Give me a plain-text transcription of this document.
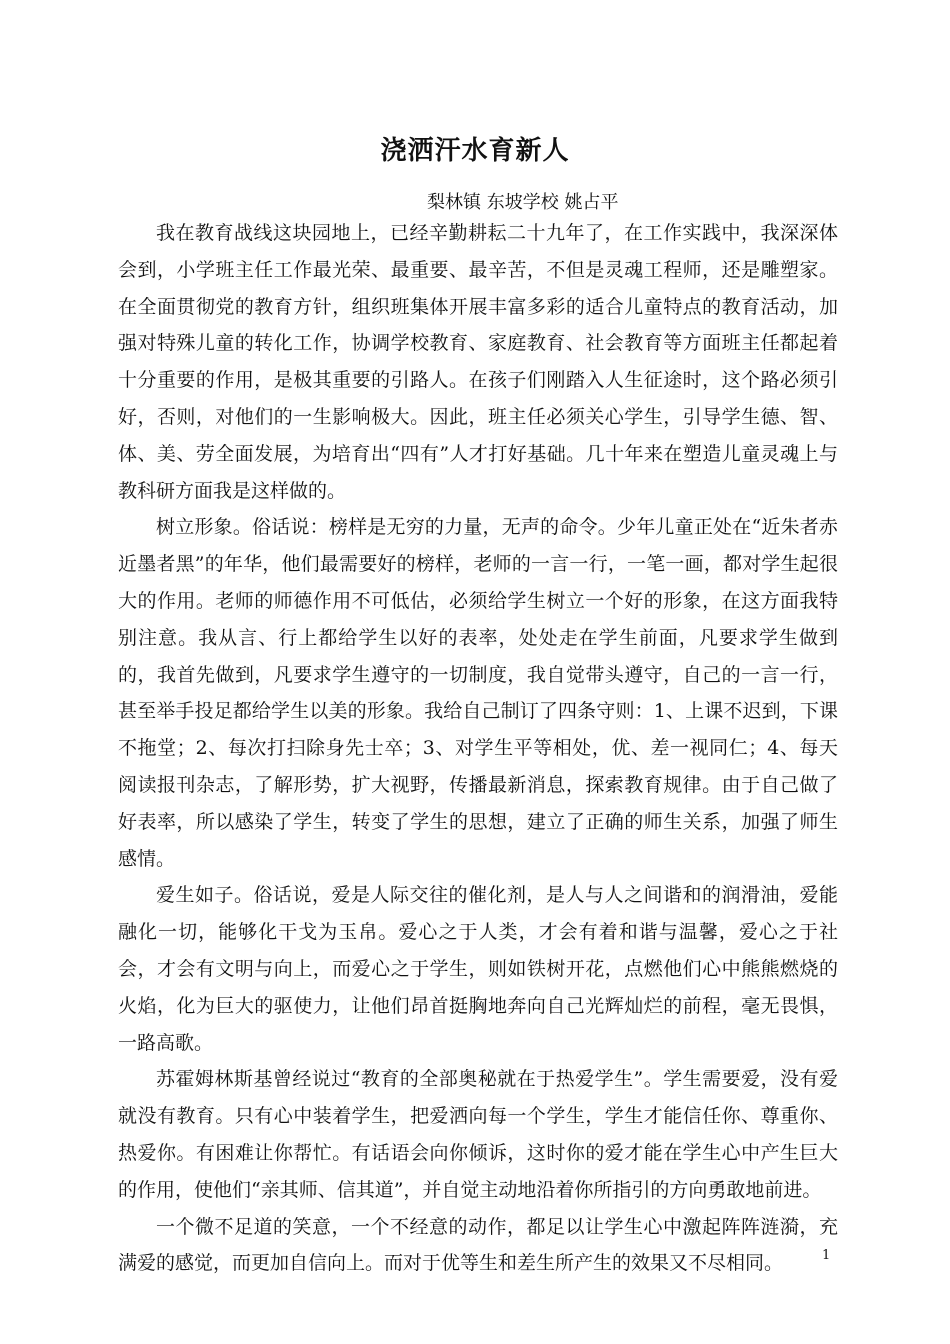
浇洒汗水育新人
梨林镇 东坡学校 姚占平

我在教育战线这块园地上，已经辛勤耕耘二十九年了，在工作实践中，我深深体会到，小学班主任工作最光荣、最重要、最辛苦，不但是灵魂工程师，还是雕塑家。在全面贯彻党的教育方针，组织班集体开展丰富多彩的适合儿童特点的教育活动，加强对特殊儿童的转化工作，协调学校教育、家庭教育、社会教育等方面班主任都起着十分重要的作用，是极其重要的引路人。在孩子们刚踏入人生征途时，这个路必须引好，否则，对他们的一生影响极大。因此，班主任必须关心学生，引导学生德、智、体、美、劳全面发展，为培育出“四有”人才打好基础。几十年来在塑造儿童灵魂上与教科研方面我是这样做的。

树立形象。俗话说：榜样是无穷的力量，无声的命令。少年儿童正处在“近朱者赤近墨者黑”的年华，他们最需要好的榜样，老师的一言一行，一笔一画，都对学生起很大的作用。老师的师德作用不可低估，必须给学生树立一个好的形象，在这方面我特别注意。我从言、行上都给学生以好的表率，处处走在学生前面，凡要求学生做到的，我首先做到，凡要求学生遵守的一切制度，我自觉带头遵守，自己的一言一行，甚至举手投足都给学生以美的形象。我给自己制订了四条守则：1、上课不迟到，下课不拖堂；2、每次打扫除身先士卒；3、对学生平等相处，优、差一视同仁；4、每天阅读报刊杂志，了解形势，扩大视野，传播最新消息，探索教育规律。由于自己做了好表率，所以感染了学生，转变了学生的思想，建立了正确的师生关系，加强了师生感情。

爱生如子。俗话说，爱是人际交往的催化剂，是人与人之间谐和的润滑油，爱能融化一切，能够化干戈为玉帛。爱心之于人类，才会有着和谐与温馨，爱心之于社会，才会有文明与向上，而爱心之于学生，则如铁树开花，点燃他们心中熊熊燃烧的火焰，化为巨大的驱使力，让他们昂首挺胸地奔向自己光辉灿烂的前程，毫无畏惧，一路高歌。

苏霍姆林斯基曾经说过“教育的全部奥秘就在于热爱学生”。学生需要爱，没有爱就没有教育。只有心中装着学生，把爱洒向每一个学生，学生才能信任你、尊重你、热爱你。有困难让你帮忙。有话语会向你倾诉，这时你的爱才能在学生心中产生巨大的作用，使他们“亲其师、信其道”，并自觉主动地沿着你所指引的方向勇敢地前进。

一个微不足道的笑意，一个不经意的动作，都足以让学生心中激起阵阵涟漪，充满爱的感觉，而更加自信向上。而对于优等生和差生所产生的效果又不尽相同。	1
